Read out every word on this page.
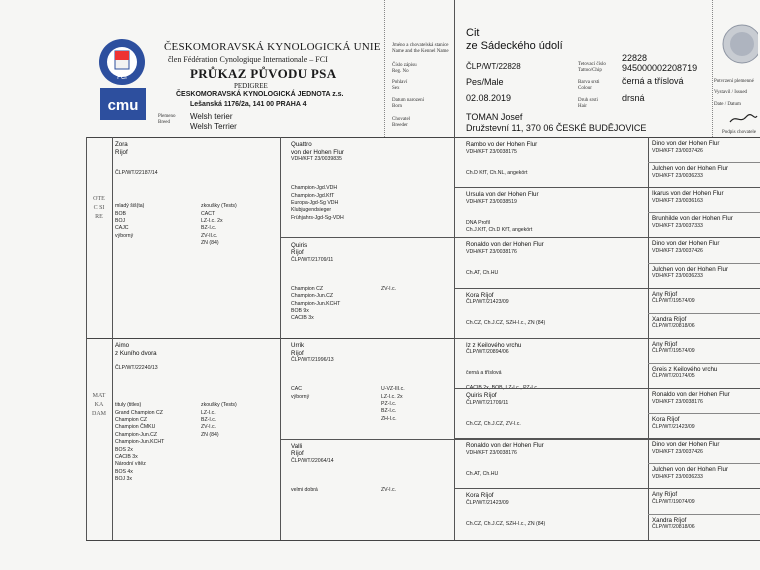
FCI
cmu
ČESKOMORAVSKÁ KYNOLOGICKÁ UNIE
člen Fédération Cynologique Internationale – FCI
PRŮKAZ PŮVODU PSA
PEDIGREE
ČESKOMORAVSKÁ KYNOLOGICKÁ JEDNOTA z.s.
Lešanská 1176/2a, 141 00 PRAHA 4
Plemeno
Breed
Welsh terier
Welsh Terrier
Jméno a chovatelská stanice
Name and the Kennel Name
Číslo zápisu
Reg. No
Pohlaví
Sex
Datum narození
Born
Chovatel
Breeder
Cit
ze Sádeckého údolí
ČLP/WT/22828
Pes/Male
02.08.2019
TOMAN Josef
Družstevní 11, 370 06 ČESKÉ BUDĚJOVICE
Tetovací číslo
Tattoo/Chip
Barva srsti
Colour
Druh srsti
Hair
22828
945000002208719
černá a tříslová
drsná
Potvrzení plemenné
Vystavil / Issued
Date / Datum
Podpis chovatele
OTEC SIRE
MATKA DAM
Zora
Ríjof
ČLP/WT/22187/14
mladý šiš(ta)
BOB
BOJ
CAJC
výborný
zkoušky (Tests)
CACT
LZ-I.c. 2x
BZ-I.c.
ZV-II.c.
ZN (84)
Aimo
z Kuního dvora
ČLP/WT/22240/13
tituly (titles)
Grand Champion CZ
Champion CZ
Champion ČMKU
Champion-Jun.CZ
Champion-Jun.KCHT
BOS 2x
CACIB 3x
Národní vítěz
BOS 4x
BOJ 3x
zkoušky (Tests)
LZ-I.c.
BZ-I.c.
ZV-I.c.
ZN (84)
Quattro
von der Hohen Flur
VDH/KFT 23/0039835
Champion-Jgd.VDH
Champion-Jgd.KfT
Europa-Jgd-Sg VDH
Klubjugendsieger
Frühjahrs-Jgd-Sg-VDH
Quiris
Ríjof
ČLP/WT/21709/11
Champion CZ
Champion-Jun.CZ
Champion-Jun.KCHT
BOB 9x
CACIB 3x
ZV-I.c.
Urrik
Ríjof
ČLP/WT/21996/13
CAC
výborný
U-VZ-III.c.
LZ-I.c. 2x
PZ-I.c.
BZ-I.c.
ZH-I.c.
Valli
Ríjof
ČLP/WT/22064/14
velmi dobrá	ZV-I.c.
Rambo vo der Hohen Flur
VDH/KFT 23/0038175
Ch.D KfT, Ch.NL, angekört
Ursula von der Hohen Flur
VDH/KFT 23/0038519
DNA Profil
Ch.J.KfT, Ch.D KfT, angekört
Ronaldo von der Hohen Flur
VDH/KFT 23/0038176
Ch.AT, Ch.HU
Kora Ríjof
ČLP/WT/21423/09
Ch.CZ, Ch.J.CZ, SZH-I.c., ZN (84)
Iz z Keilového vrchu
ČLP/WT/20894/06
černá a tříslová

CACIB 2x, BOB, LZ-I.c., PZ-I.c.
Quiris Ríjof
ČLP/WT/21709/11
Ch.CZ, Ch.J.CZ, ZV-I.c.
Ronaldo von der Hohen Flur
VDH/KFT 23/0038176
Ch.AT, Ch.HU
Kora Ríjof
ČLP/WT/21423/09
Ch.CZ, Ch.J.CZ, SZH-I.c., ZN (84)
Dino von der Hohen Flur
VDH/KFT 23/0037426
Julchen von der Hohen Flur
VDH/KFT 23/0036233
Ikarus von der Hohen Flur
VDH/KFT 23/0036163
Brunhilde von der Hohen Flur
VDH/KFT 23/0037333
Dino von der Hohen Flur
VDH/KFT 23/0037426
Julchen von der Hohen Flur
VDH/KFT 23/0036233
Any Ríjof
ČLP/WT/19574/09
Xandra Ríjof
ČLP/WT/20818/06
Any Ríjof
ČLP/WT/19574/09
Greis z Keilového vrchu
ČLP/WT/20174/05
Ronaldo von der Hohen Flur
VDH/KFT 23/0038176
Kora Ríjof
ČLP/WT/21423/09
Dino von der Hohen Flur
VDH/KFT 23/0037426
Julchen von der Hohen Flur
VDH/KFT 23/0036233
Any Ríjof
ČLP/WT/19074/09
Xandra Ríjof
ČLP/WT/20818/06
